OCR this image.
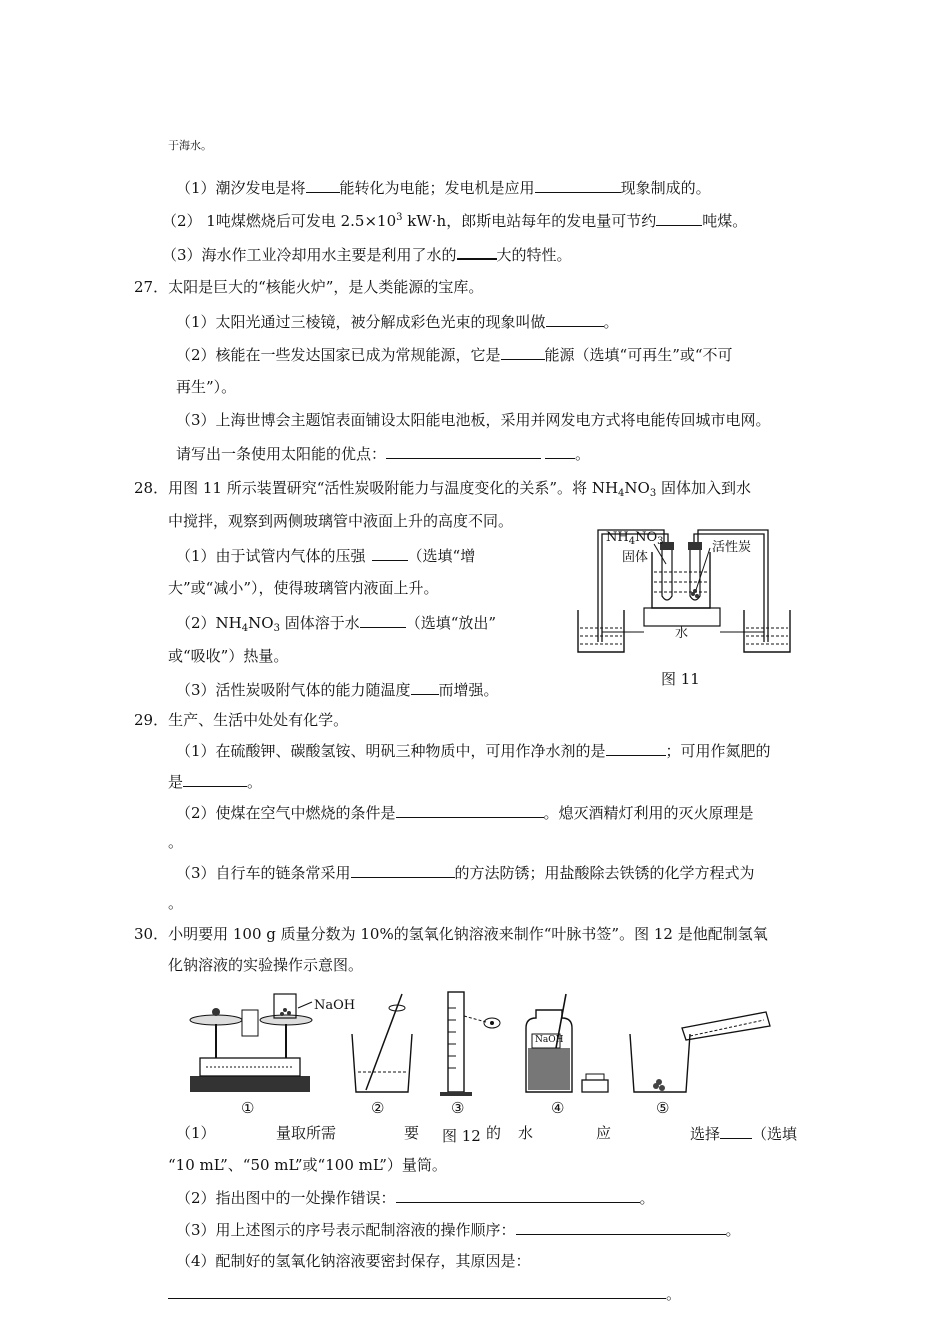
于海水。
（1）潮汐发电是将 能转化为电能；发电机是应用	现象制成的。
（2） 1吨煤燃烧后可发电 $2.5\times 10^3$ kW·h，郎斯电站每年的发电量可节约	吨煤。
（3）海水作工业冷却用水主要是利用了水的	大的特性。
27．太阳是巨大的“核能火炉”，是人类能源的宝库。
（1）太阳光通过三棱镜，被分解成彩色光束的现象叫做	。
（2）核能在一些发达国家已成为常规能源，它是	能源（选填“可再生”或“不可
再生”）。
（3）上海世博会主题馆表面铺设太阳能电池板，采用并网发电方式将电能传回城市电网。
请写出一条使用太阳能的优点：	。
28．用图 11 所示装置研究“活性炭吸附能力与温度变化的关系”。将 $NH_4NO_3$ 固体加入到水
中搅拌，观察到两侧玻璃管中液面上升的高度不同。
（1）由于试管内气体的压强	（选填“增
大”或“减小”），使得玻璃管内液面上升。
$(2)NH_4NO_3$ 固体溶于水	（选填“放出”
或“吸收”）热量。
（3）活性炭吸附气体的能力随温度 而增强。
$NH_4NO_3$
固体
活性炭
水
图 11
29．生产、生活中处处有化学。
（1）在硫酸钾、碳酸氢铵、明矾三种物质中，可用作净水剂的是	；可用作氮肥的
是	。
（2）使煤在空气中燃烧的条件是	。熄灭酒精灯利用的灭火原理是
。
（3）自行车的链条常采用	的方法防锈；用盐酸除去铁锈的化学方程式为
。
30．小明要用 100 g 质量分数为 10%的氢氧化钠溶液来制作“叶脉书签”。图 12 是他配制氢氧
化钠溶液的实验操作示意图。
NaOH
NaOH
①	②	③	④	⑤
（1）	量取所需	要 图 12 的 水	应	选择 （选填
“10 mL”、“50 mL”或“100 mL”）量筒。
（2）指出图中的一处操作错误：	。
（3）用上述图示的序号表示配制溶液的操作顺序：	。
（4）配制好的氢氧化钠溶液要密封保存，其原因是：
。
